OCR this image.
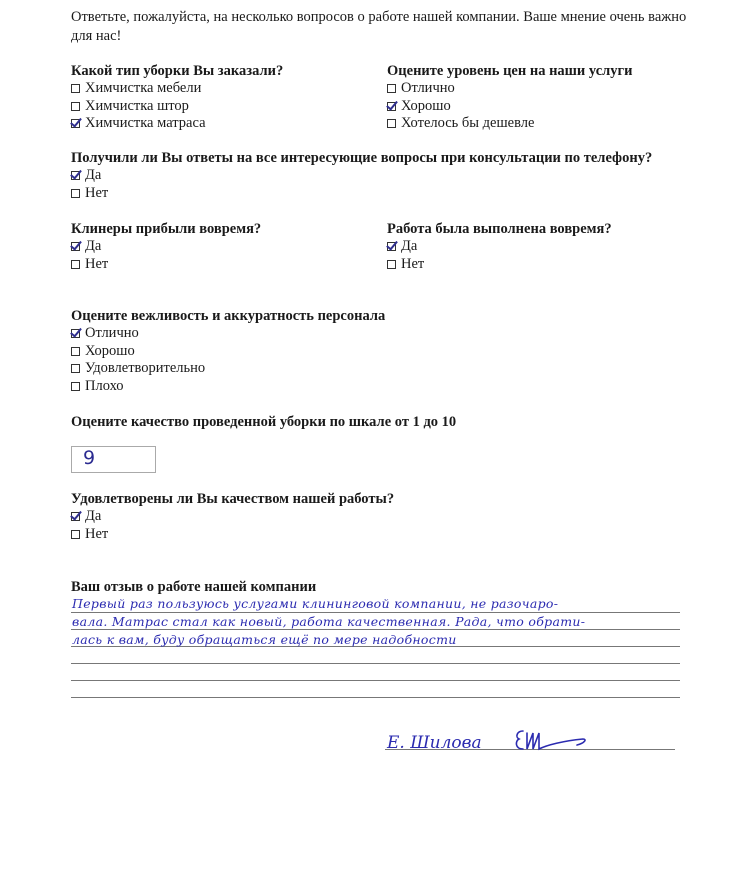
Ответьте, пожалуйста, на несколько вопросов о работе нашей компании. Ваше мнение очень важно для нас!
Какой тип уборки Вы заказали?
Химчистка мебели
Химчистка штор
Химчистка матраса
Оцените уровень цен на наши услуги
Отлично
Хорошо
Хотелось бы дешевле
Получили ли Вы ответы на все интересующие вопросы при консультации по телефону?
Да
Нет
Клинеры прибыли вовремя?
Да
Нет
Работа была выполнена вовремя?
Да
Нет
Оцените вежливость и аккуратность персонала
Отлично
Хорошо
Удовлетворительно
Плохо
Оцените качество проведенной уборки по шкале от 1 до 10
9
Удовлетворены ли Вы качеством нашей работы?
Да
Нет
Ваш отзыв о работе нашей компании
Первый раз пользуюсь услугами клининговой компании, не разочаро-
вала. Матрас стал как новый, работа качественная. Рада, что обрати-
лась к вам, буду обращаться ещё по мере надобности
Е. Шилова
